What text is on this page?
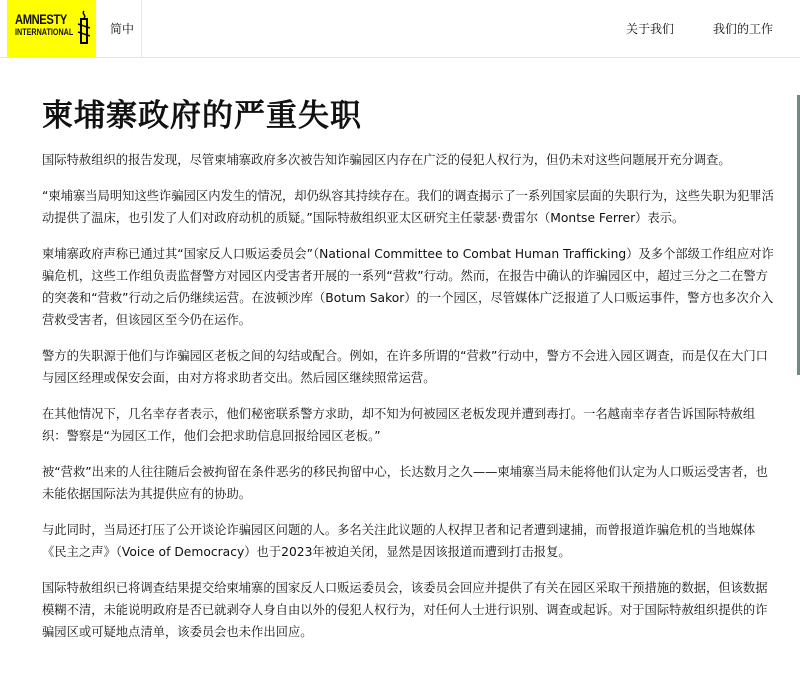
AMNESTY
INTERNATIONAL	简中	关于我们	我们的工作
柬埔寨政府的严重失职

国际特赦组织的报告发现，尽管柬埔寨政府多次被告知诈骗园区内存在广泛的侵犯人权行为，但仍未对这些问题展开充分调查。

“柬埔寨当局明知这些诈骗园区内发生的情况，却仍纵容其持续存在。我们的调查揭示了一系列国家层面的失职行为，这些失职为犯罪活动提供了温床，也引发了人们对政府动机的质疑。”国际特赦组织亚太区研究主任蒙瑟·费雷尔（Montse Ferrer）表示。

柬埔寨政府声称已通过其“国家反人口贩运委员会”（National Committee to Combat Human Trafficking）及多个部级工作组应对诈骗危机，这些工作组负责监督警方对园区内受害者开展的一系列“营救”行动。然而，在报告中确认的诈骗园区中，超过三分之二在警方的突袭和“营救”行动之后仍继续运营。在波顿沙库（Botum Sakor）的一个园区，尽管媒体广泛报道了人口贩运事件，警方也多次介入营救受害者，但该园区至今仍在运作。

警方的失职源于他们与诈骗园区老板之间的勾结或配合。例如，在许多所谓的“营救”行动中，警方不会进入园区调查，而是仅在大门口与园区经理或保安会面，由对方将求助者交出。然后园区继续照常运营。

在其他情况下，几名幸存者表示，他们秘密联系警方求助，却不知为何被园区老板发现并遭到毒打。一名越南幸存者告诉国际特赦组织：警察是“为园区工作，他们会把求助信息回报给园区老板。”

被“营救”出来的人往往随后会被拘留在条件恶劣的移民拘留中心，长达数月之久——柬埔寨当局未能将他们认定为人口贩运受害者，也未能依据国际法为其提供应有的协助。

与此同时，当局还打压了公开谈论诈骗园区问题的人。多名关注此议题的人权捍卫者和记者遭到逮捕，而曾报道诈骗危机的当地媒体《民主之声》（Voice of Democracy）也于2023年被迫关闭，显然是因该报道而遭到打击报复。

国际特赦组织已将调查结果提交给柬埔寨的国家反人口贩运委员会，该委员会回应并提供了有关在园区采取干预措施的数据，但该数据模糊不清，未能说明政府是否已就剥夺人身自由以外的侵犯人权行为，对任何人士进行识别、调查或起诉。对于国际特赦组织提供的诈骗园区或可疑地点清单，该委员会也未作出回应。
